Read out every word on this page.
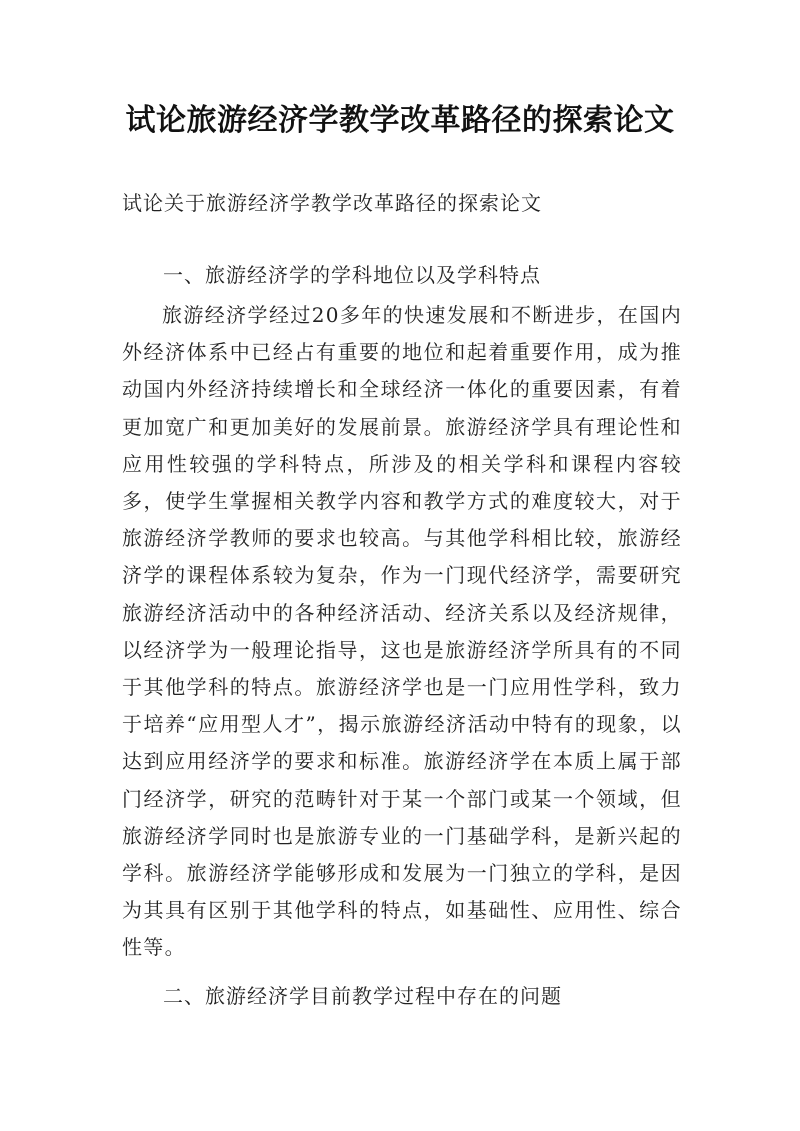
试论旅游经济学教学改革路径的探索论文

试论关于旅游经济学教学改革路径的探索论文

一、旅游经济学的学科地位以及学科特点

旅游经济学经过20多年的快速发展和不断进步，在国内外经济体系中已经占有重要的地位和起着重要作用，成为推动国内外经济持续增长和全球经济一体化的重要因素，有着更加宽广和更加美好的发展前景。旅游经济学具有理论性和应用性较强的学科特点，所涉及的相关学科和课程内容较多，使学生掌握相关教学内容和教学方式的难度较大，对于旅游经济学教师的要求也较高。与其他学科相比较，旅游经济学的课程体系较为复杂，作为一门现代经济学，需要研究旅游经济活动中的各种经济活动、经济关系以及经济规律，以经济学为一般理论指导，这也是旅游经济学所具有的不同于其他学科的特点。旅游经济学也是一门应用性学科，致力于培养“应用型人才”，揭示旅游经济活动中特有的现象，以达到应用经济学的要求和标准。旅游经济学在本质上属于部门经济学，研究的范畴针对于某一个部门或某一个领域，但旅游经济学同时也是旅游专业的一门基础学科，是新兴起的学科。旅游经济学能够形成和发展为一门独立的学科，是因为其具有区别于其他学科的特点，如基础性、应用性、综合性等。

二、旅游经济学目前教学过程中存在的问题
